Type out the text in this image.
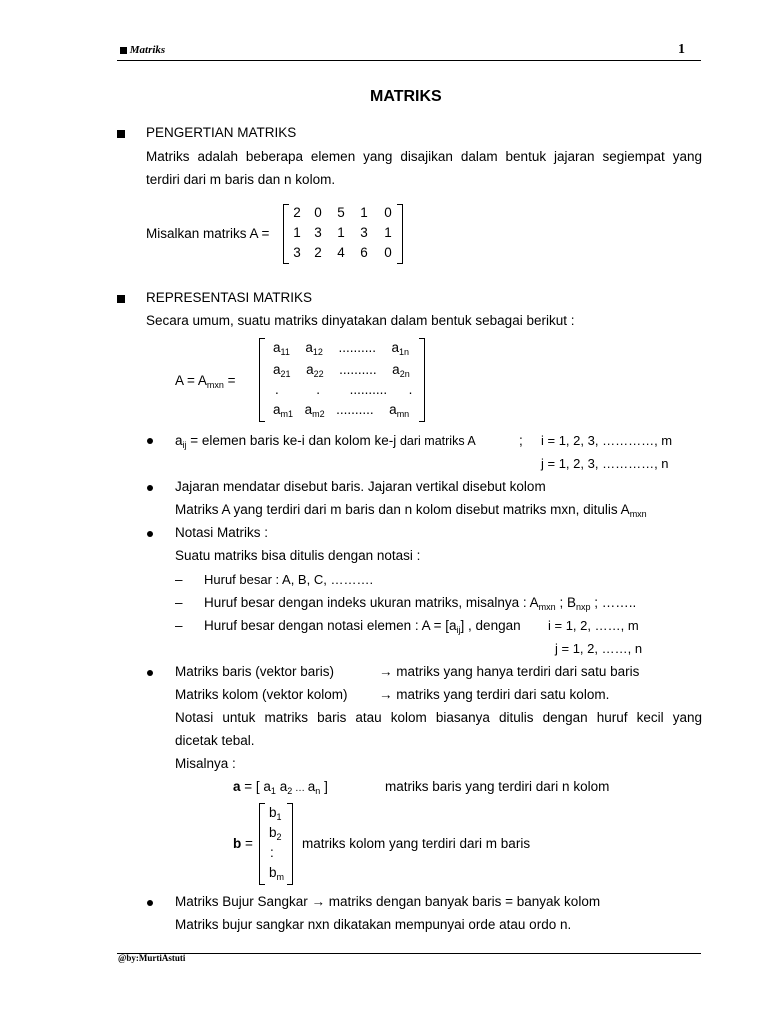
Matriks	1
MATRIKS
PENGERTIAN MATRIKS
Matriks adalah beberapa elemen yang disajikan dalam bentuk jajaran segiempat yang
terdiri dari m baris dan n kolom.
Misalkan matriks A =
2 0	5	1	0
1 3	1	3	1
3 2	4	6	0
REPRESENTASI MATRIKS
Secara umum, suatu matriks dinyatakan dalam bentuk sebagai berikut :
$A = A_{mxn}$ =
$a_{11}$ $a_{12}$ .......... $a_{1n}$
$a_{21}$ $a_{22}$ .......... $a_{2n}$
.	. .......... .
$a_{m1}$ $a_{m2}$ .......... $a_{mn}$
$a_{ij}$ = elemen baris ke-i dan kolom ke-j dari matriks A	; i = 1, 2, 3, …………, m
j = 1, 2, 3, …………, n
Jajaran mendatar disebut baris. Jajaran vertikal disebut kolom
Matriks A yang terdiri dari m baris dan n kolom disebut matriks mxn, ditulis $A_{mxn}$
Notasi Matriks :
Suatu matriks bisa ditulis dengan notasi :
– Huruf besar : A, B, C, ……….
– Huruf besar dengan indeks ukuran matriks, misalnya : $A_{mxn}$ ; $B_{nxp}$ ; ……..
– Huruf besar dengan notasi elemen : $A = [a_{ij}]$ , dengan i = 1, 2, ……, m
j = 1, 2, ……, n
Matriks baris (vektor baris)	→ matriks yang hanya terdiri dari satu baris
Matriks kolom (vektor kolom) → matriks yang terdiri dari satu kolom.
Notasi untuk matriks baris atau kolom biasanya ditulis dengan huruf kecil yang
dicetak tebal.
Misalnya :
a = [ $a_1$ $a_2$ … $a_n$ ]	matriks baris yang terdiri dari n kolom
b =
$b_1$
$b_2$
:
$b_m$
matriks kolom yang terdiri dari m baris
Matriks Bujur Sangkar → matriks dengan banyak baris = banyak kolom
Matriks bujur sangkar nxn dikatakan mempunyai orde atau ordo n.
@by:MurtiAstuti
